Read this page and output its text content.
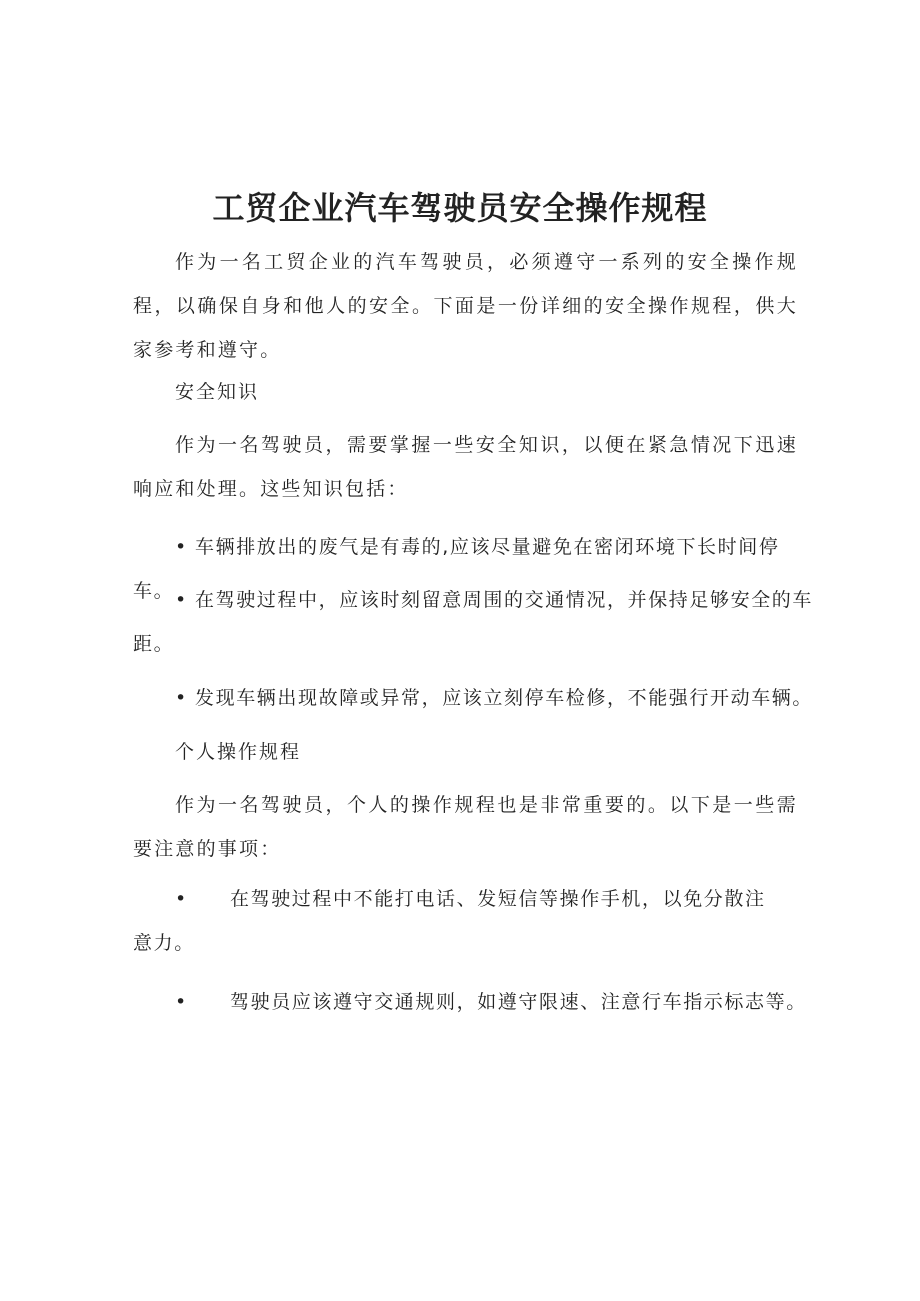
工贸企业汽车驾驶员安全操作规程

作为一名工贸企业的汽车驾驶员，必须遵守一系列的安全操作规程，以确保自身和他人的安全。下面是一份详细的安全操作规程，供大家参考和遵守。

安全知识

作为一名驾驶员，需要掌握一些安全知识，以便在紧急情况下迅速响应和处理。这些知识包括：

• 车辆排放出的废气是有毒的,应该尽量避免在密闭环境下长时间停车。 • 在驾驶过程中，应该时刻留意周围的交通情况，并保持足够安全的车距。

• 发现车辆出现故障或异常，应该立刻停车检修，不能强行开动车辆。

个人操作规程

作为一名驾驶员，个人的操作规程也是非常重要的。以下是一些需要注意的事项：

• 在驾驶过程中不能打电话、发短信等操作手机，以免分散注意力。

• 驾驶员应该遵守交通规则，如遵守限速、注意行车指示标志等。
